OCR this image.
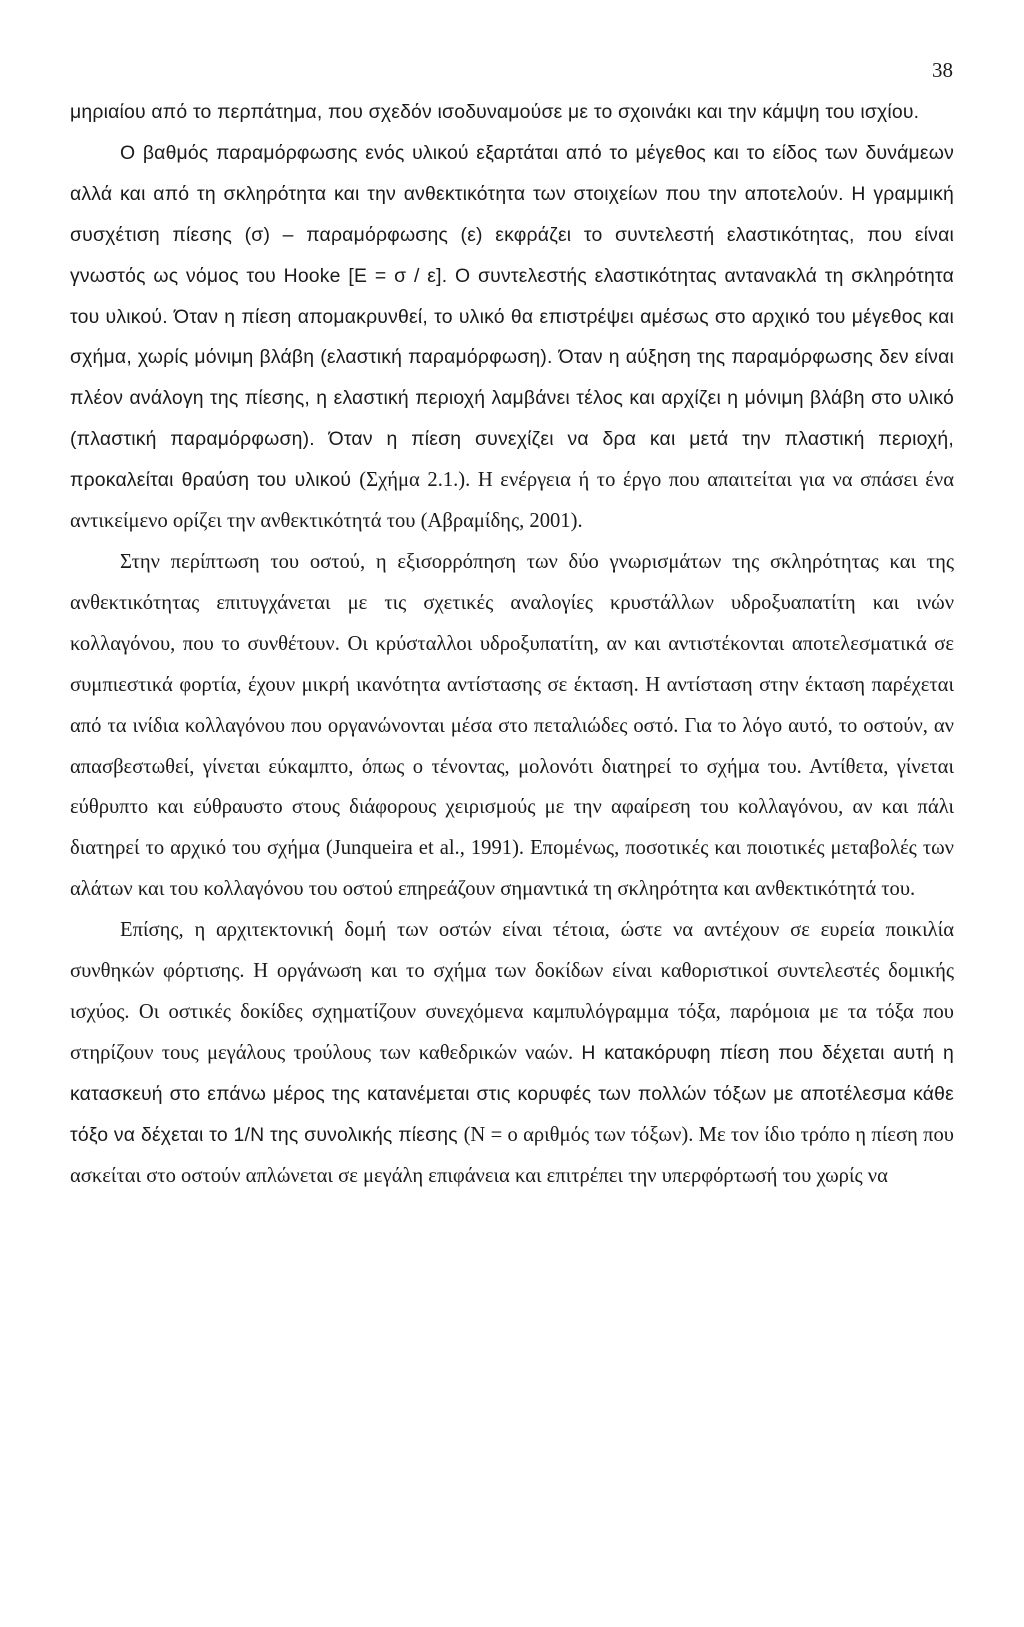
38

μηριαίου από το περπάτημα, που σχεδόν ισοδυναμούσε με το σχοινάκι και την κάμψη του ισχίου.

Ο βαθμός παραμόρφωσης ενός υλικού εξαρτάται από το μέγεθος και το είδος των δυνάμεων αλλά και από τη σκληρότητα και την ανθεκτικότητα των στοιχείων που την αποτελούν. Η γραμμική συσχέτιση πίεσης (σ) – παραμόρφωσης (ε) εκφράζει το συντελεστή ελαστικότητας, που είναι γνωστός ως νόμος του Hooke [Ε = σ / ε]. Ο συντελεστής ελαστικότητας αντανακλά τη σκληρότητα του υλικού. Όταν η πίεση απομακρυνθεί, το υλικό θα επιστρέψει αμέσως στο αρχικό του μέγεθος και σχήμα, χωρίς μόνιμη βλάβη (ελαστική παραμόρφωση). Όταν η αύξηση της παραμόρφωσης δεν είναι πλέον ανάλογη της πίεσης, η ελαστική περιοχή λαμβάνει τέλος και αρχίζει η μόνιμη βλάβη στο υλικό (πλαστική παραμόρφωση). Όταν η πίεση συνεχίζει να δρα και μετά την πλαστική περιοχή, προκαλείται θραύση του υλικού (Σχήμα 2.1.). Η ενέργεια ή το έργο που απαιτείται για να σπάσει ένα αντικείμενο ορίζει την ανθεκτικότητά του (Αβραμίδης, 2001).

Στην περίπτωση του οστού, η εξισορρόπηση των δύο γνωρισμάτων της σκληρότητας και της ανθεκτικότητας επιτυγχάνεται με τις σχετικές αναλογίες κρυστάλλων υδροξυαπατίτη και ινών κολλαγόνου, που το συνθέτουν. Οι κρύσταλλοι υδροξυπατίτη, αν και αντιστέκονται αποτελεσματικά σε συμπιεστικά φορτία, έχουν μικρή ικανότητα αντίστασης σε έκταση. Η αντίσταση στην έκταση παρέχεται από τα ινίδια κολλαγόνου που οργανώνονται μέσα στο πεταλιώδες οστό. Για το λόγο αυτό, το οστούν, αν απασβεστωθεί, γίνεται εύκαμπτο, όπως ο τένοντας, μολονότι διατηρεί το σχήμα του. Αντίθετα, γίνεται εύθρυπτο και εύθραυστο στους διάφορους χειρισμούς με την αφαίρεση του κολλαγόνου, αν και πάλι διατηρεί το αρχικό του σχήμα (Junqueira et al., 1991). Επομένως, ποσοτικές και ποιοτικές μεταβολές των αλάτων και του κολλαγόνου του οστού επηρεάζουν σημαντικά τη σκληρότητα και ανθεκτικότητά του.

Επίσης, η αρχιτεκτονική δομή των οστών είναι τέτοια, ώστε να αντέχουν σε ευρεία ποικιλία συνθηκών φόρτισης. Η οργάνωση και το σχήμα των δοκίδων είναι καθοριστικοί συντελεστές δομικής ισχύος. Οι οστικές δοκίδες σχηματίζουν συνεχόμενα καμπυλόγραμμα τόξα, παρόμοια με τα τόξα που στηρίζουν τους μεγάλους τρούλους των καθεδρικών ναών. Η κατακόρυφη πίεση που δέχεται αυτή η κατασκευή στο επάνω μέρος της κατανέμεται στις κορυφές των πολλών τόξων με αποτέλεσμα κάθε τόξο να δέχεται το 1/Ν της συνολικής πίεσης (Ν = ο αριθμός των τόξων). Με τον ίδιο τρόπο η πίεση που ασκείται στο οστούν απλώνεται σε μεγάλη επιφάνεια και επιτρέπει την υπερφόρτωσή του χωρίς να
